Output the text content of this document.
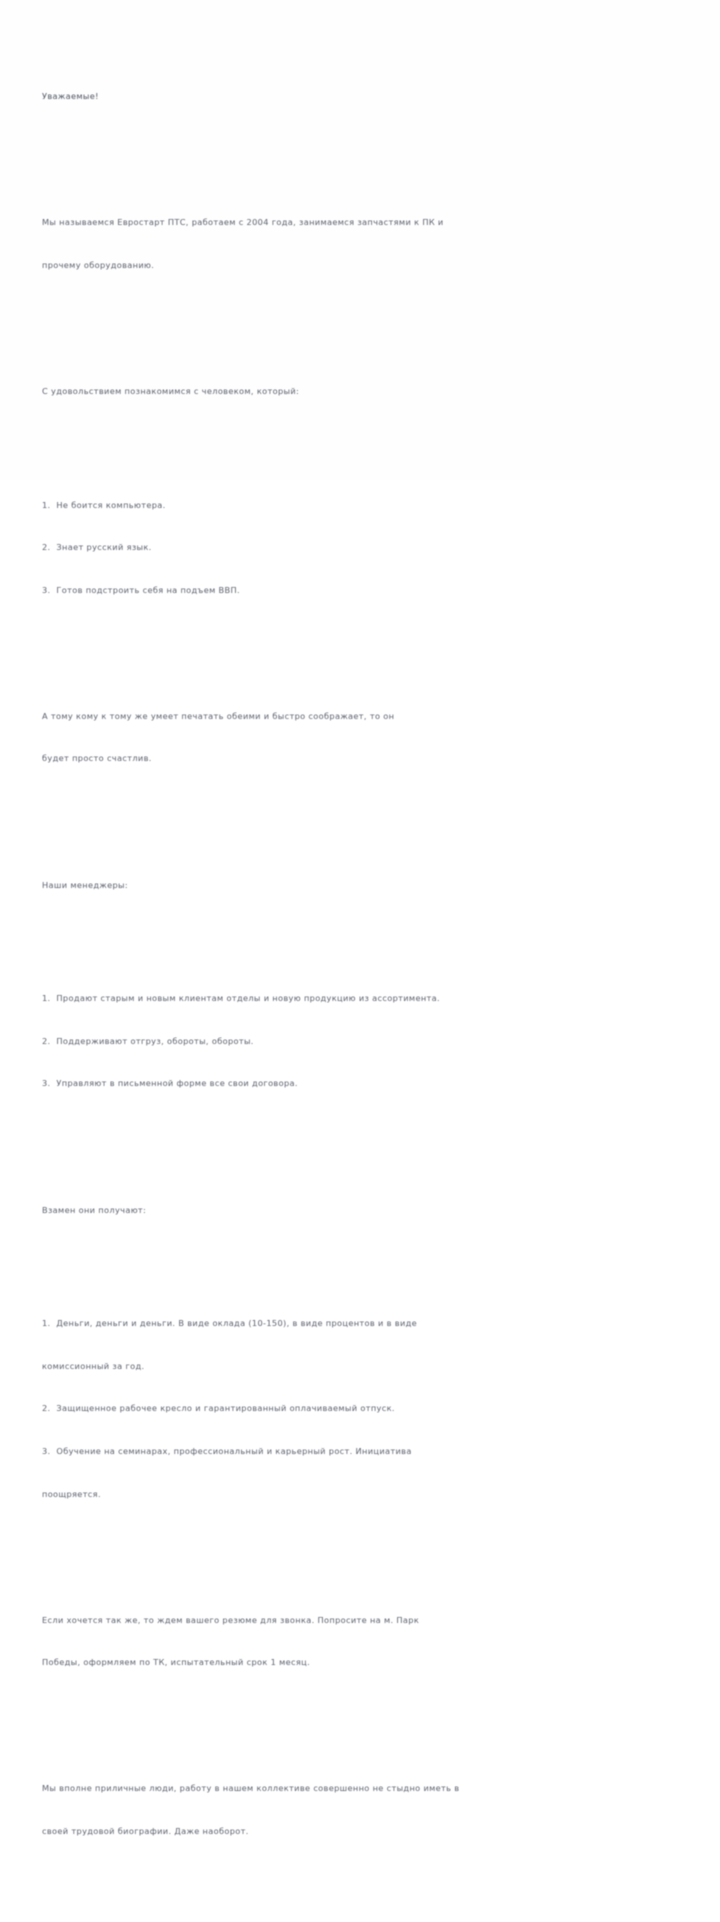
Уважаемые!

Мы называемся Евростарт ПТС, работаем с 2004 года, занимаемся запчастями к ПК и

прочему оборудованию.

С удовольствием познакомимся с человеком, который:

1.  Не боится компьютера.

2.  Знает русский язык.

3.  Готов подстроить себя на подъем ВВП.

А тому кому к тому же умеет печатать обеими и быстро соображает, то он

будет просто счастлив.

Наши менеджеры:

1.  Продают старым и новым клиентам отделы и новую продукцию из ассортимента.

2.  Поддерживают отгруз, обороты, обороты.

3.  Управляют в письменной форме все свои договора.

Взамен они получают:

1.  Деньги, деньги и деньги. В виде оклада (10-150), в виде процентов и в виде

комиссионный за год.

2.  Защищенное рабочее кресло и гарантированный оплачиваемый отпуск.

3.  Обучение на семинарах, профессиональный и карьерный рост. Инициатива

поощряется.

Если хочется так же, то ждем вашего резюме для звонка. Попросите на м. Парк

Победы, оформляем по ТК, испытательный срок 1 месяц.

Мы вполне приличные люди, работу в нашем коллективе совершенно не стыдно иметь в

своей трудовой биографии. Даже наоборот.
